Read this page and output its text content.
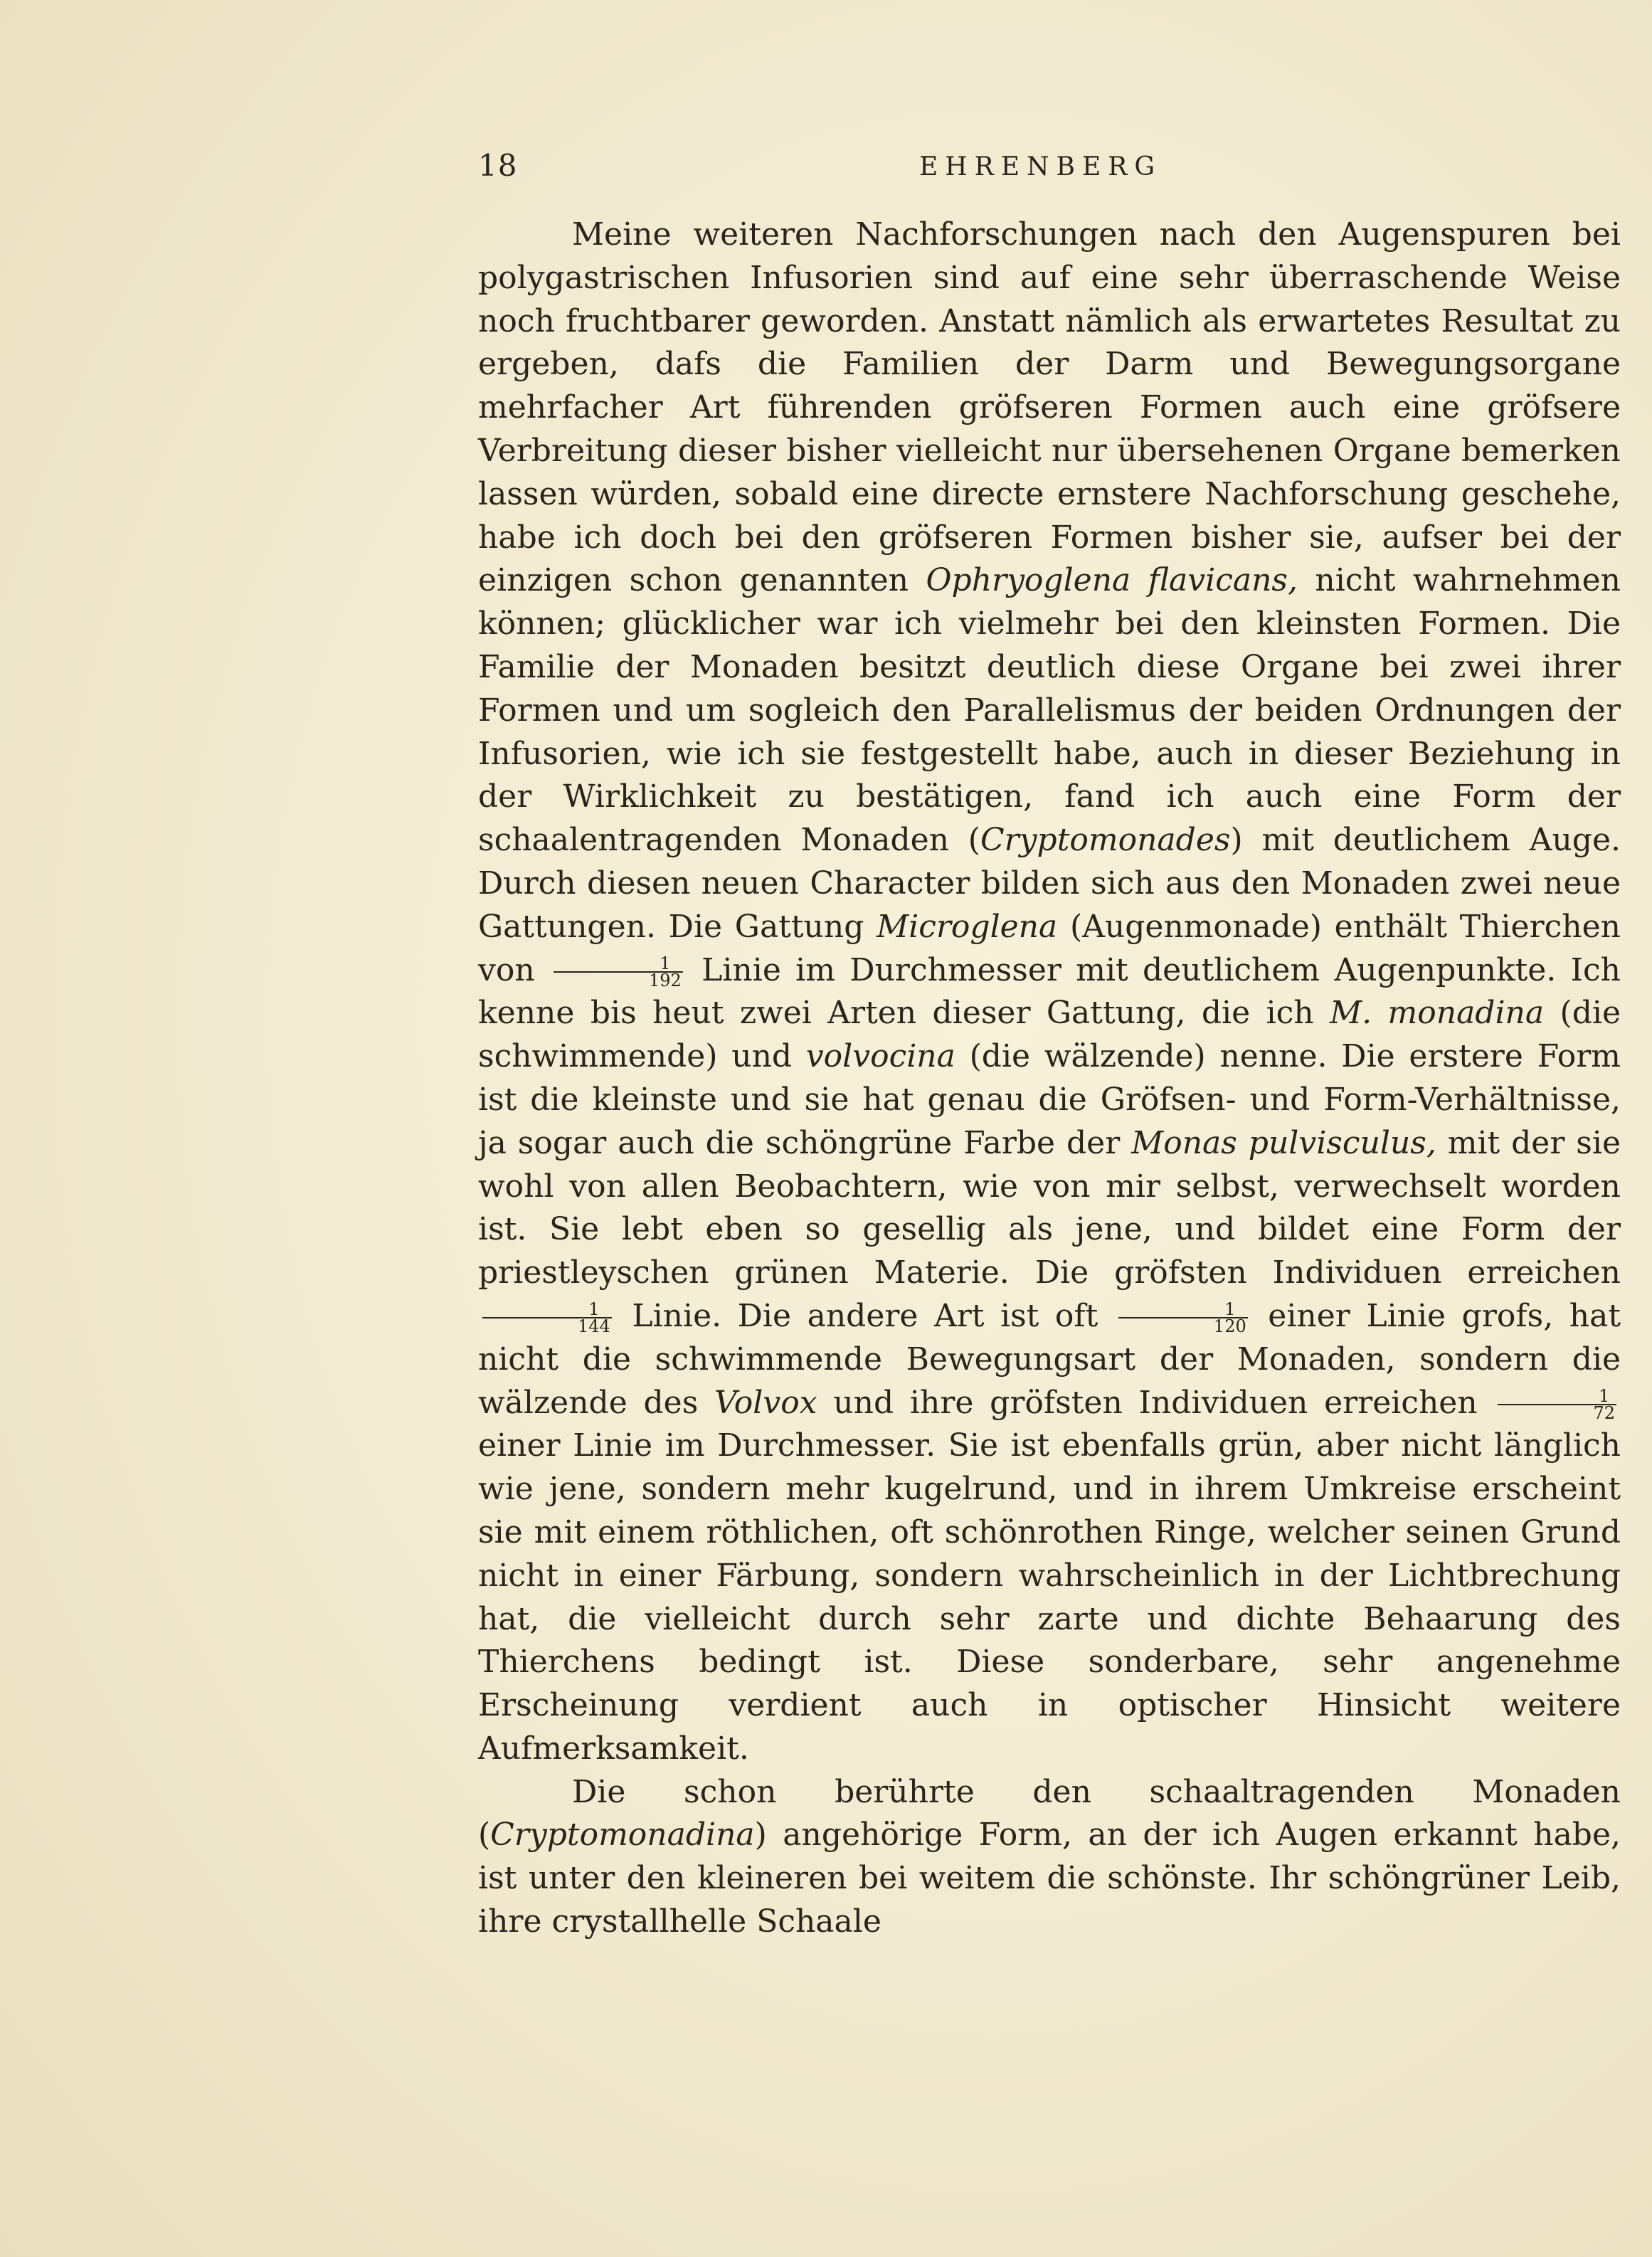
18	EHRENBERG

Meine weiteren Nachforschungen nach den Augenspuren bei polygastrischen Infusorien sind auf eine sehr überraschende Weise noch fruchtbarer geworden. Anstatt nämlich als erwartetes Resultat zu ergeben, dafs die Familien der Darm und Bewegungsorgane mehrfacher Art führenden gröfseren Formen auch eine gröfsere Verbreitung dieser bisher vielleicht nur übersehenen Organe bemerken lassen würden, sobald eine directe ernstere Nachforschung geschehe, habe ich doch bei den gröfseren Formen bisher sie, aufser bei der einzigen schon genannten Ophryoglena flavicans, nicht wahrnehmen können; glücklicher war ich vielmehr bei den kleinsten Formen. Die Familie der Monaden besitzt deutlich diese Organe bei zwei ihrer Formen und um sogleich den Parallelismus der beiden Ordnungen der Infusorien, wie ich sie festgestellt habe, auch in dieser Beziehung in der Wirklichkeit zu bestätigen, fand ich auch eine Form der schaalentragenden Monaden (Cryptomonades) mit deutlichem Auge. Durch diesen neuen Character bilden sich aus den Monaden zwei neue Gattungen. Die Gattung Microglena (Augenmonade) enthält Thierchen von $\frac{1}{192}$ Linie im Durchmesser mit deutlichem Augenpunkte. Ich kenne bis heut zwei Arten dieser Gattung, die ich M. monadina (die schwimmende) und volvocina (die wälzende) nenne. Die erstere Form ist die kleinste und sie hat genau die Gröfsen- und Form-Verhältnisse, ja sogar auch die schöngrüne Farbe der Monas pulvisculus, mit der sie wohl von allen Beobachtern, wie von mir selbst, verwechselt worden ist. Sie lebt eben so gesellig als jene, und bildet eine Form der priestleyschen grünen Materie. Die gröfsten Individuen erreichen
$\frac{1}{144}$ Linie. Die andere Art ist oft $\frac{1}{120}$ einer Linie grofs, hat nicht die schwimmende Bewegungsart der Monaden, sondern die wälzende des Volvox und ihre gröfsten Individuen erreichen $\frac{1}{72}$
einer Linie im Durchmesser. Sie ist ebenfalls grün, aber nicht länglich wie jene, sondern mehr kugelrund, und in ihrem Umkreise erscheint sie mit einem röthlichen, oft schönrothen Ringe, welcher seinen Grund nicht in einer Färbung, sondern wahrscheinlich in der Lichtbrechung hat, die vielleicht durch sehr zarte und dichte Behaarung des Thierchens bedingt ist. Diese sonderbare, sehr angenehme Erscheinung verdient auch in optischer Hinsicht weitere Aufmerksamkeit.

Die schon berührte den schaaltragenden Monaden (Cryptomonadina) angehörige Form, an der ich Augen erkannt habe, ist unter den kleineren bei weitem die schönste. Ihr schöngrüner Leib, ihre crystallhelle Schaale
